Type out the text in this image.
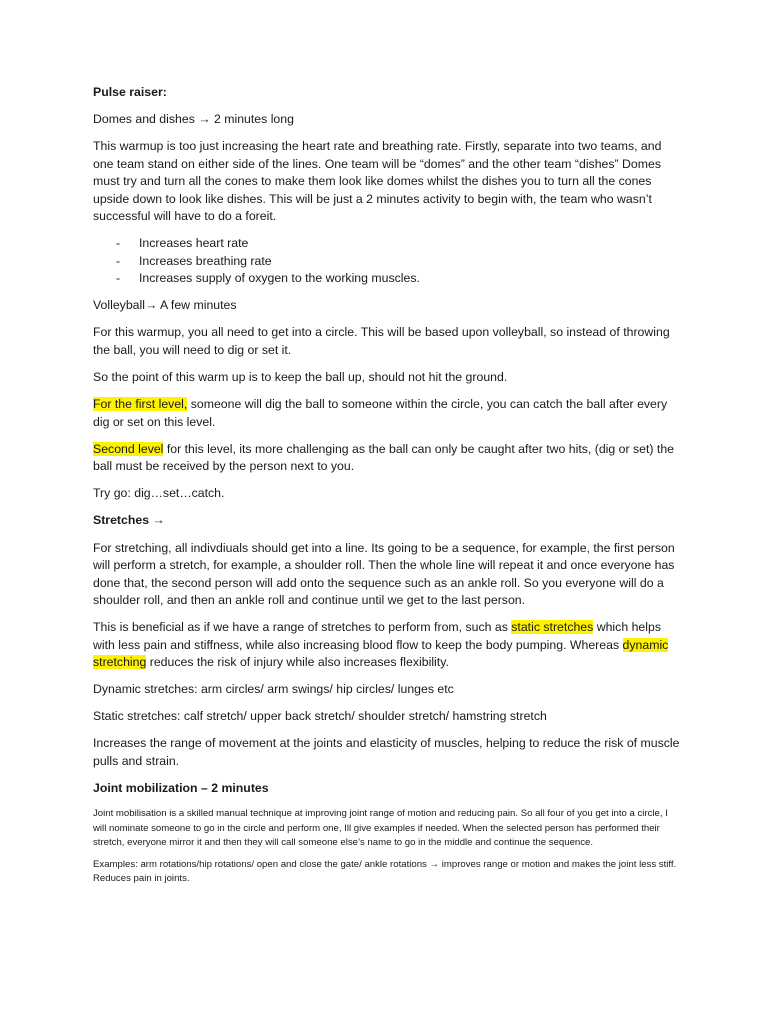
Pulse raiser:

Domes and dishes → 2 minutes long

This warmup is too just increasing the heart rate and breathing rate. Firstly, separate into two teams, and one team stand on either side of the lines. One team will be “domes” and the other team “dishes” Domes must try and turn all the cones to make them look like domes whilst the dishes you to turn all the cones upside down to look like dishes. This will be just a 2 minutes activity to begin with, the team who wasn’t successful will have to do a foreit.

- Increases heart rate
- Increases breathing rate
- Increases supply of oxygen to the working muscles.

Volleyball→ A few minutes

For this warmup, you all need to get into a circle. This will be based upon volleyball, so instead of throwing the ball, you will need to dig or set it.

So the point of this warm up is to keep the ball up, should not hit the ground.

For the first level, someone will dig the ball to someone within the circle, you can catch the ball after every dig or set on this level.

Second level for this level, its more challenging as the ball can only be caught after two hits, (dig or set) the ball must be received by the person next to you.

Try go: dig…set…catch.

Stretches →

For stretching, all indivdiuals should get into a line. Its going to be a sequence, for example, the first person will perform a stretch, for example, a shoulder roll. Then the whole line will repeat it and once everyone has done that, the second person will add onto the sequence such as an ankle roll. So you everyone will do a shoulder roll, and then an ankle roll and continue until we get to the last person.

This is beneficial as if we have a range of stretches to perform from, such as static stretches which helps with less pain and stiffness, while also increasing blood flow to keep the body pumping. Whereas dynamic stretching reduces the risk of injury while also increases flexibility.

Dynamic stretches: arm circles/ arm swings/ hip circles/ lunges etc

Static stretches: calf stretch/ upper back stretch/ shoulder stretch/ hamstring stretch

Increases the range of movement at the joints and elasticity of muscles, helping to reduce the risk of muscle pulls and strain.

Joint mobilization – 2 minutes

Joint mobilisation is a skilled manual technique at improving joint range of motion and reducing pain. So all four of you get into a circle, I will nominate someone to go in the circle and perform one, Ill give examples if needed. When the selected person has performed their stretch, everyone mirror it and then they will call someone else’s name to go in the middle and continue the sequence.

Examples: arm rotations/hip rotations/ open and close the gate/ ankle rotations → improves range or motion and makes the joint less stiff. Reduces pain in joints.
